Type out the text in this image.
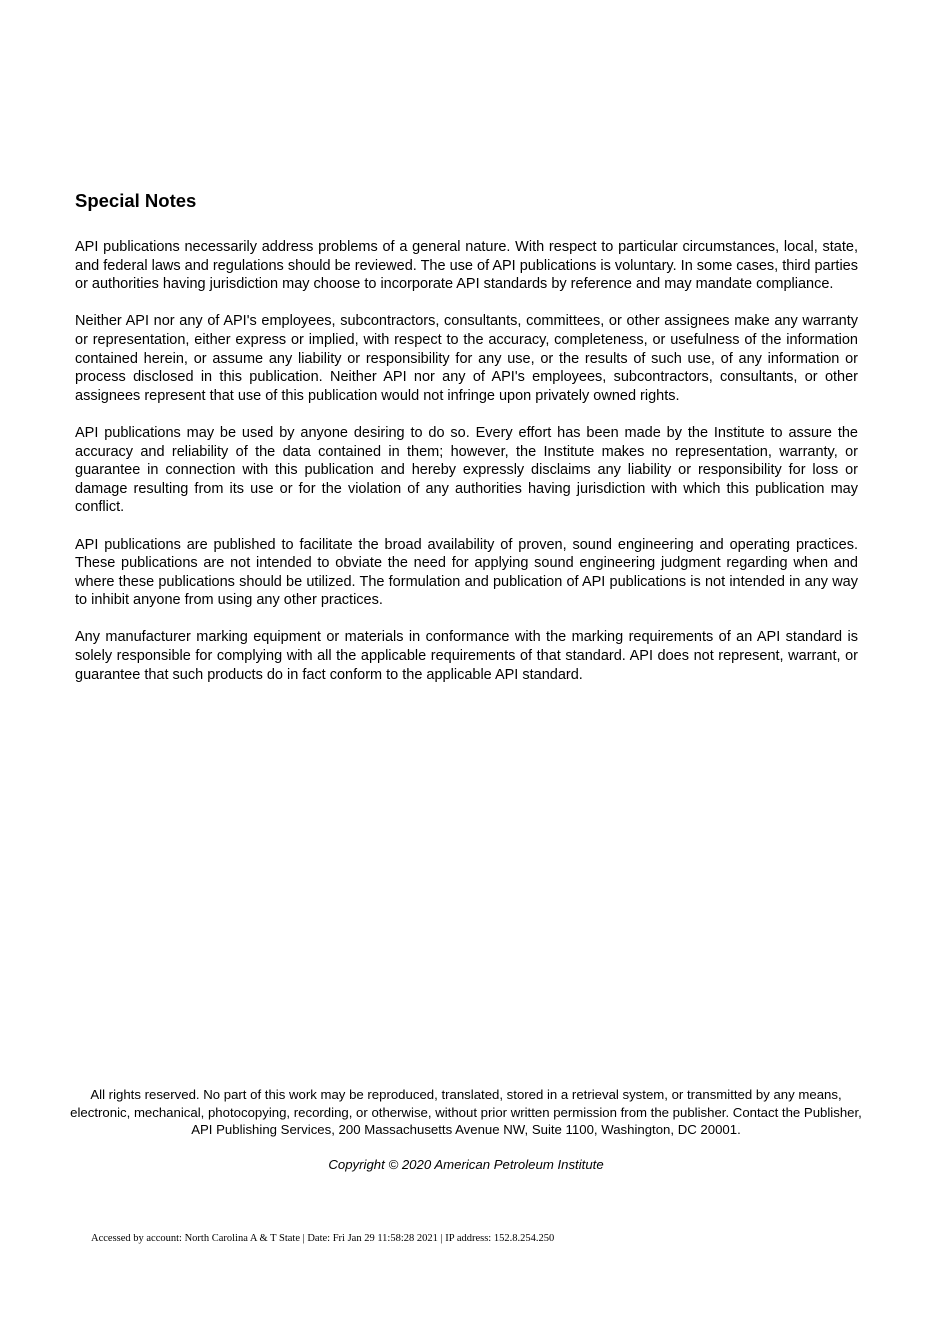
Special Notes

API publications necessarily address problems of a general nature. With respect to particular circumstances, local, state, and federal laws and regulations should be reviewed. The use of API publications is voluntary. In some cases, third parties or authorities having jurisdiction may choose to incorporate API standards by reference and may mandate compliance.

Neither API nor any of API's employees, subcontractors, consultants, committees, or other assignees make any warranty or representation, either express or implied, with respect to the accuracy, completeness, or usefulness of the information contained herein, or assume any liability or responsibility for any use, or the results of such use, of any information or process disclosed in this publication. Neither API nor any of API's employees, subcontractors, consultants, or other assignees represent that use of this publication would not infringe upon privately owned rights.

API publications may be used by anyone desiring to do so. Every effort has been made by the Institute to assure the accuracy and reliability of the data contained in them; however, the Institute makes no representation, warranty, or guarantee in connection with this publication and hereby expressly disclaims any liability or responsibility for loss or damage resulting from its use or for the violation of any authorities having jurisdiction with which this publication may conflict.

API publications are published to facilitate the broad availability of proven, sound engineering and operating practices. These publications are not intended to obviate the need for applying sound engineering judgment regarding when and where these publications should be utilized. The formulation and publication of API publications is not intended in any way to inhibit anyone from using any other practices.

Any manufacturer marking equipment or materials in conformance with the marking requirements of an API standard is solely responsible for complying with all the applicable requirements of that standard. API does not represent, warrant, or guarantee that such products do in fact conform to the applicable API standard.

All rights reserved. No part of this work may be reproduced, translated, stored in a retrieval system, or transmitted by any means, electronic, mechanical, photocopying, recording, or otherwise, without prior written permission from the publisher. Contact the Publisher, API Publishing Services, 200 Massachusetts Avenue NW, Suite 1100, Washington, DC 20001.

Copyright © 2020 American Petroleum Institute

Accessed by account: North Carolina A & T State | Date: Fri Jan 29 11:58:28 2021 | IP address: 152.8.254.250
